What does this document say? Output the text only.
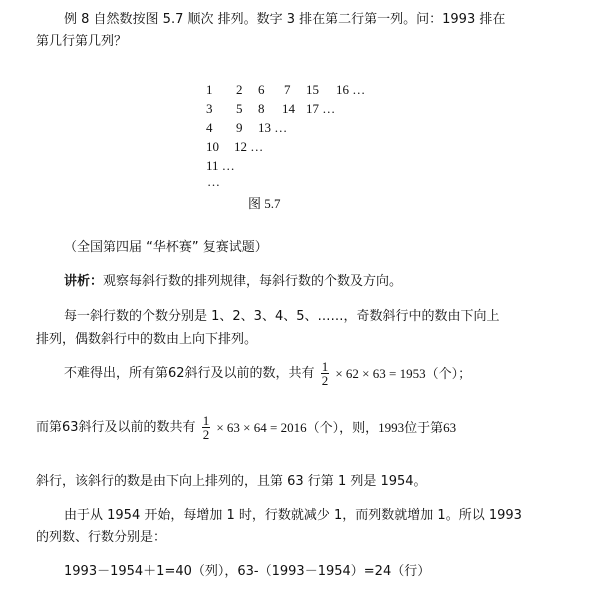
例 8 自然数按图 5.7 顺次 排列。数字 3 排在第二行第一列。问：1993 排在
第几行第几列？
1 2 6 7 15 16 …
3 5 8 14 17 …
4 9 13 …
10 12 …
11 …
…
图 5.7
（全国第四届 “华杯赛” 复赛试题）
讲析：观察每斜行数的排列规律，每斜行数的个数及方向。
每一斜行数的个数分别是 1、2、3、4、5、……，奇数斜行中的数由下向上
排列，偶数斜行中的数由上向下排列。
不难得出，所有第62斜行及以前的数，共有 $\frac{1}{2} \times 62 \times 63 = 1953$（个）；
而第63斜行及以前的数共有 $\frac{1}{2} \times 63 \times 64 = 2016$（个），则，1993位于第63
斜行，该斜行的数是由下向上排列的，且第 63 行第 1 列是 1954。
由于从 1954 开始，每增加 1 时，行数就减少 1，而列数就增加 1。所以 1993
的列数、行数分别是：
1993－1954＋1=40（列），63-（1993－1954）=24（行）
